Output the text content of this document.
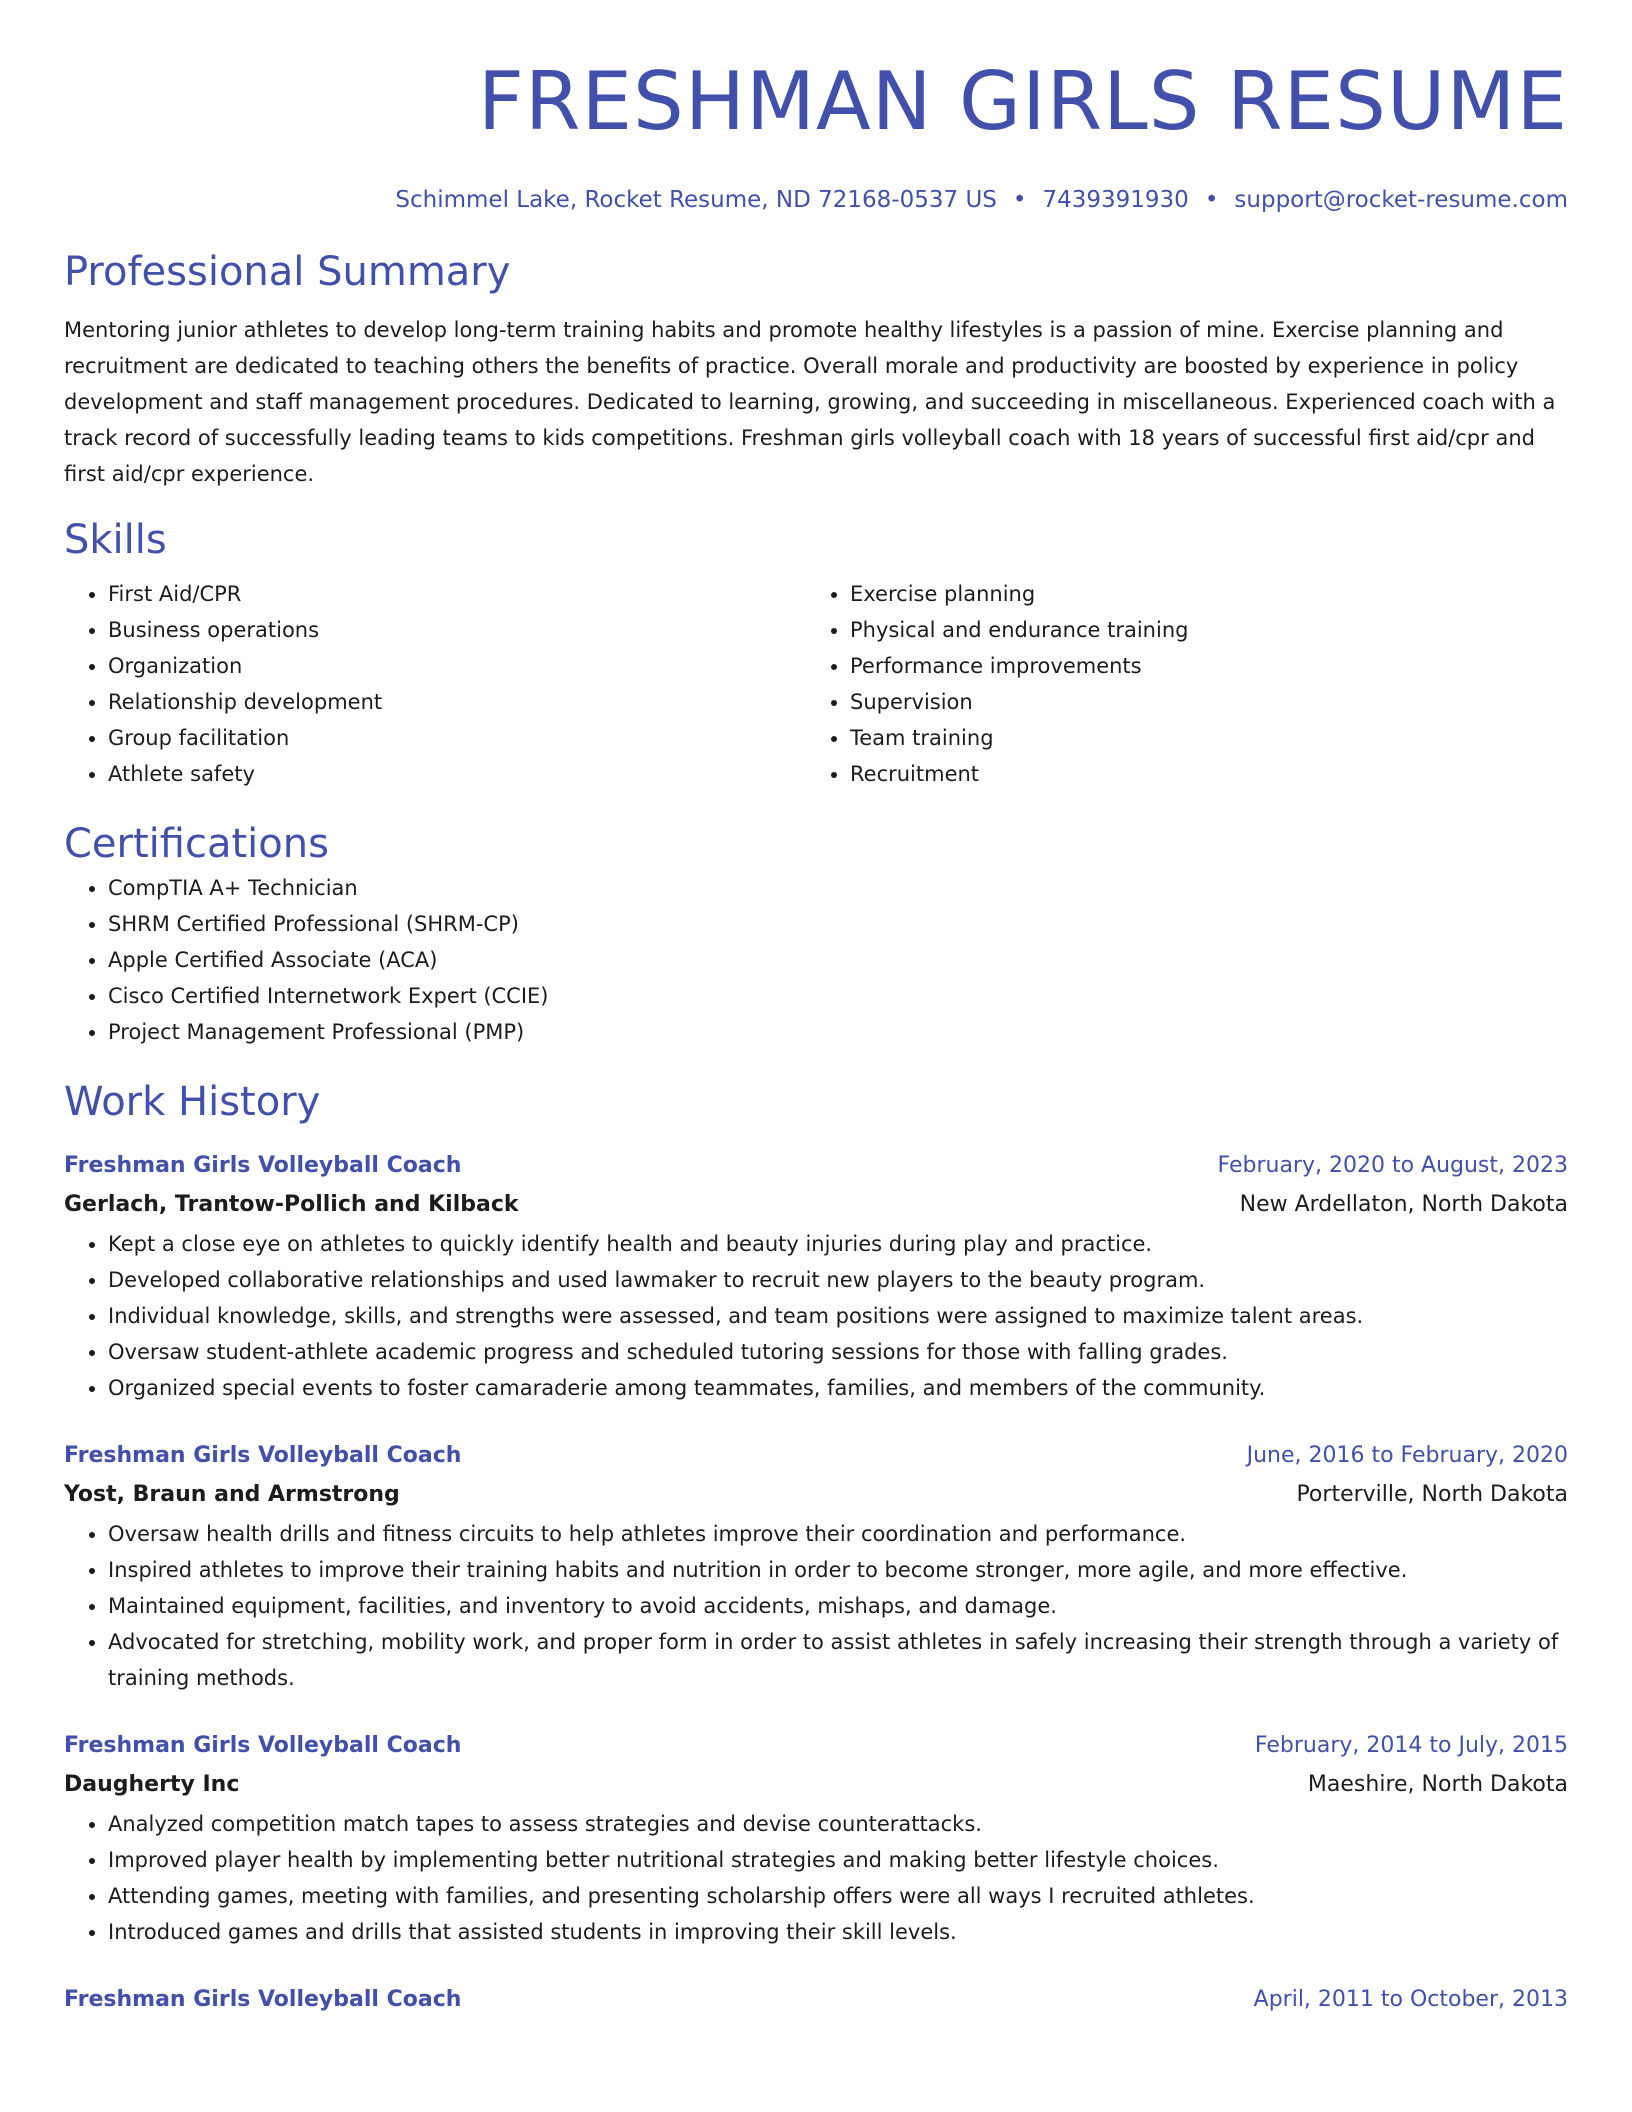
FRESHMAN GIRLS RESUME
Schimmel Lake, Rocket Resume, ND 72168-0537 US • 7439391930 • support@rocket-resume.com
Professional Summary

Mentoring junior athletes to develop long-term training habits and promote healthy lifestyles is a passion of mine. Exercise planning and recruitment are dedicated to teaching others the benefits of practice. Overall morale and productivity are boosted by experience in policy development and staff management procedures. Dedicated to learning, growing, and succeeding in miscellaneous. Experienced coach with a track record of successfully leading teams to kids competitions. Freshman girls volleyball coach with 18 years of successful first aid/cpr and first aid/cpr experience.

Skills
• First Aid/CPR
• Business operations
• Organization
• Relationship development
• Group facilitation
• Athlete safety
• Exercise planning
• Physical and endurance training
• Performance improvements
• Supervision
• Team training
• Recruitment
Certifications
• CompTIA A+ Technician
• SHRM Certified Professional (SHRM-CP)
• Apple Certified Associate (ACA)
• Cisco Certified Internetwork Expert (CCIE)
• Project Management Professional (PMP)
Work History
Freshman Girls Volleyball Coach	February, 2020 to August, 2023
Gerlach, Trantow-Pollich and Kilback	New Ardellaton, North Dakota
• Kept a close eye on athletes to quickly identify health and beauty injuries during play and practice.
• Developed collaborative relationships and used lawmaker to recruit new players to the beauty program.
• Individual knowledge, skills, and strengths were assessed, and team positions were assigned to maximize talent areas.
• Oversaw student-athlete academic progress and scheduled tutoring sessions for those with falling grades.
• Organized special events to foster camaraderie among teammates, families, and members of the community.
Freshman Girls Volleyball Coach	June, 2016 to February, 2020
Yost, Braun and Armstrong	Porterville, North Dakota
• Oversaw health drills and fitness circuits to help athletes improve their coordination and performance.
• Inspired athletes to improve their training habits and nutrition in order to become stronger, more agile, and more effective.
• Maintained equipment, facilities, and inventory to avoid accidents, mishaps, and damage.
• Advocated for stretching, mobility work, and proper form in order to assist athletes in safely increasing their strength through a variety of training methods.
Freshman Girls Volleyball Coach	February, 2014 to July, 2015
Daugherty Inc	Maeshire, North Dakota
• Analyzed competition match tapes to assess strategies and devise counterattacks.
• Improved player health by implementing better nutritional strategies and making better lifestyle choices.
• Attending games, meeting with families, and presenting scholarship offers were all ways I recruited athletes.
• Introduced games and drills that assisted students in improving their skill levels.
Freshman Girls Volleyball Coach	April, 2011 to October, 2013
